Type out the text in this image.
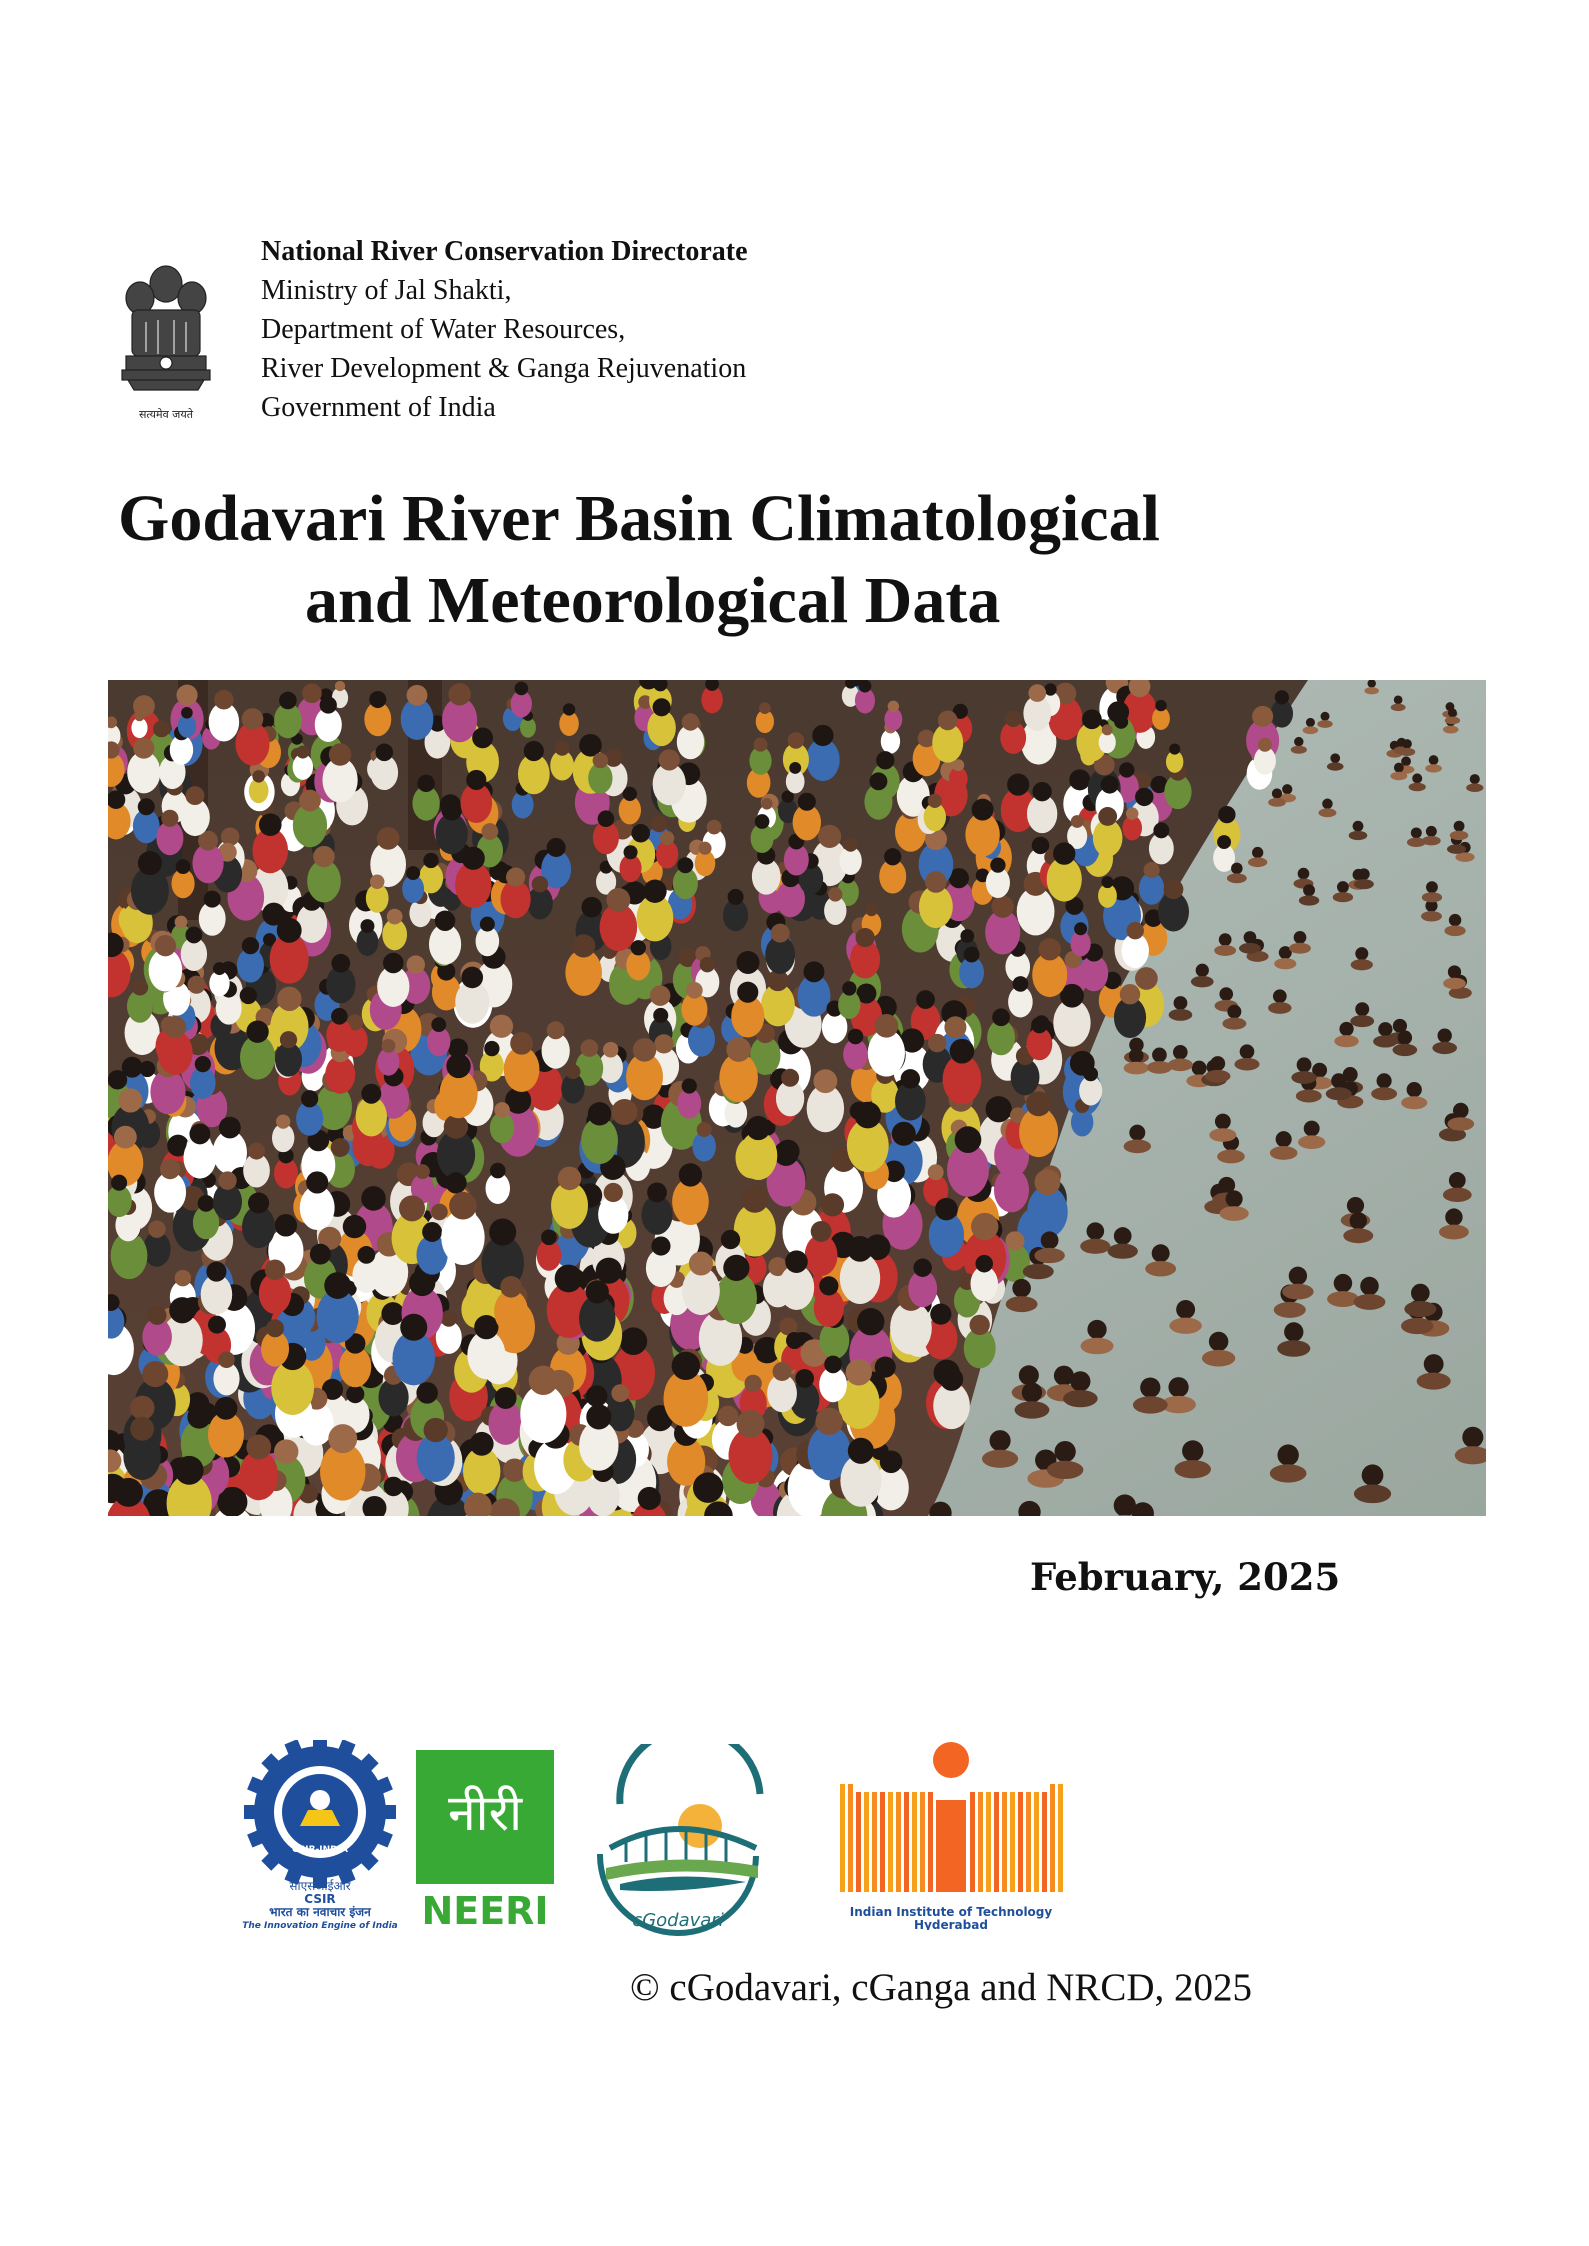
सत्यमेव जयते
National River Conservation Directorate
Ministry of Jal Shakti,
Department of Water Resources,
River Development & Ganga Rejuvenation
Government of India
Godavari River Basin Climatological
and Meteorological Data
February, 2025
CSIR-INDIA
सीएसआईआर
CSIR
भारत का नवाचार इंजन
The Innovation Engine of India
नीरी
NEERI	cGodavari	Indian Institute of Technology
Hyderabad
© cGodavari, cGanga and NRCD, 2025
